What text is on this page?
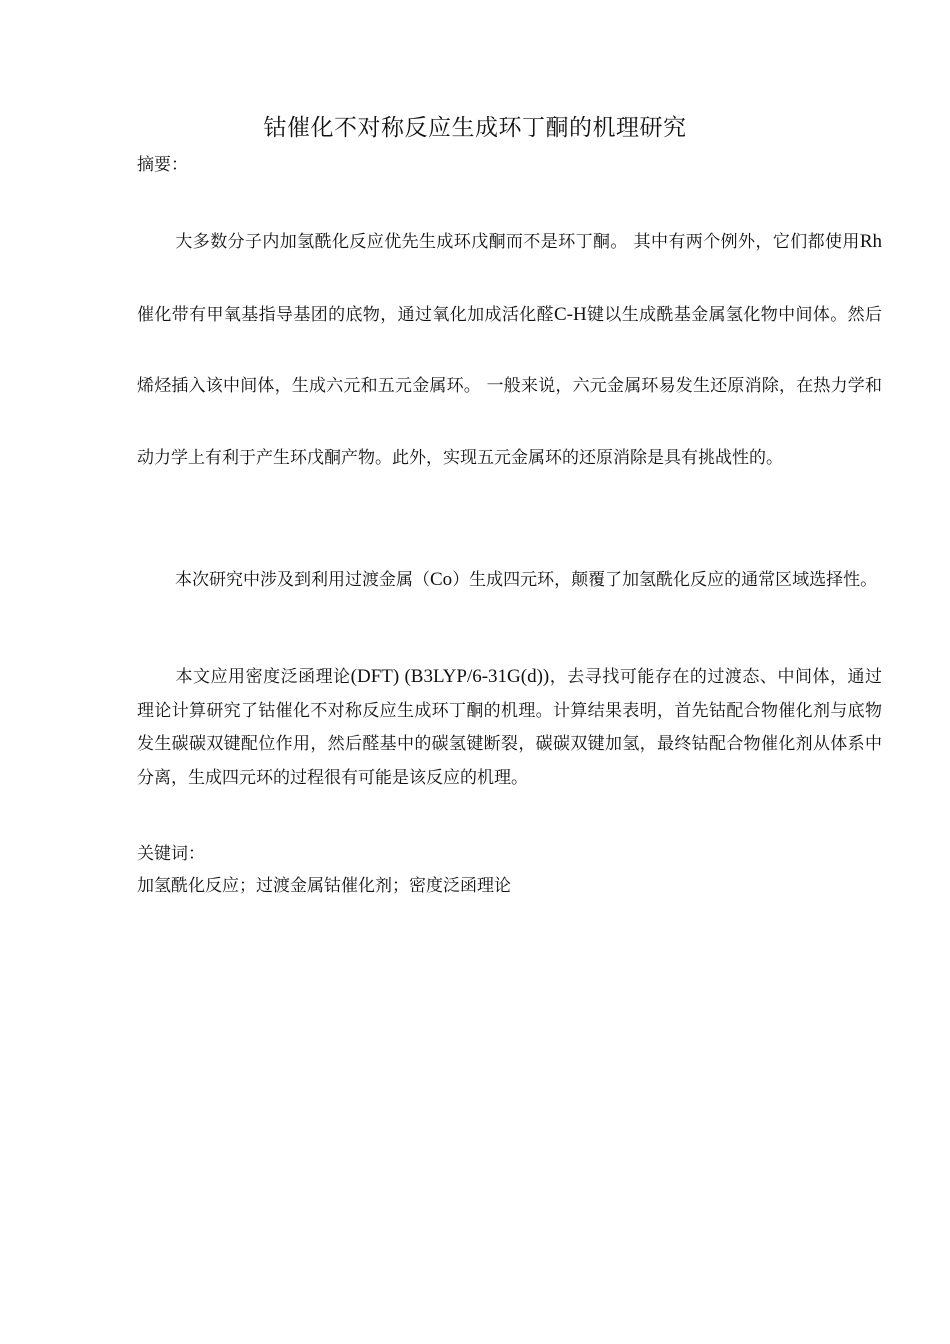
钴催化不对称反应生成环丁酮的机理研究
摘要：
大多数分子内加氢酰化反应优先生成环戊酮而不是环丁酮。 其中有两个例外，它们都使用Rh催化带有甲氧基指导基团的底物，通过氧化加成活化醛C-H键以生成酰基金属氢化物中间体。然后烯烃插入该中间体，生成六元和五元金属环。 一般来说，六元金属环易发生还原消除，在热力学和动力学上有利于产生环戊酮产物。此外，实现五元金属环的还原消除是具有挑战性的。
本次研究中涉及到利用过渡金属（Co）生成四元环，颠覆了加氢酰化反应的通常区域选择性。
本文应用密度泛函理论(DFT) (B3LYP/6-31G(d))，去寻找可能存在的过渡态、中间体，通过理论计算研究了钴催化不对称反应生成环丁酮的机理。计算结果表明，首先钴配合物催化剂与底物发生碳碳双键配位作用，然后醛基中的碳氢键断裂，碳碳双键加氢，最终钴配合物催化剂从体系中分离，生成四元环的过程很有可能是该反应的机理。
关键词：
加氢酰化反应；过渡金属钴催化剂；密度泛函理论
